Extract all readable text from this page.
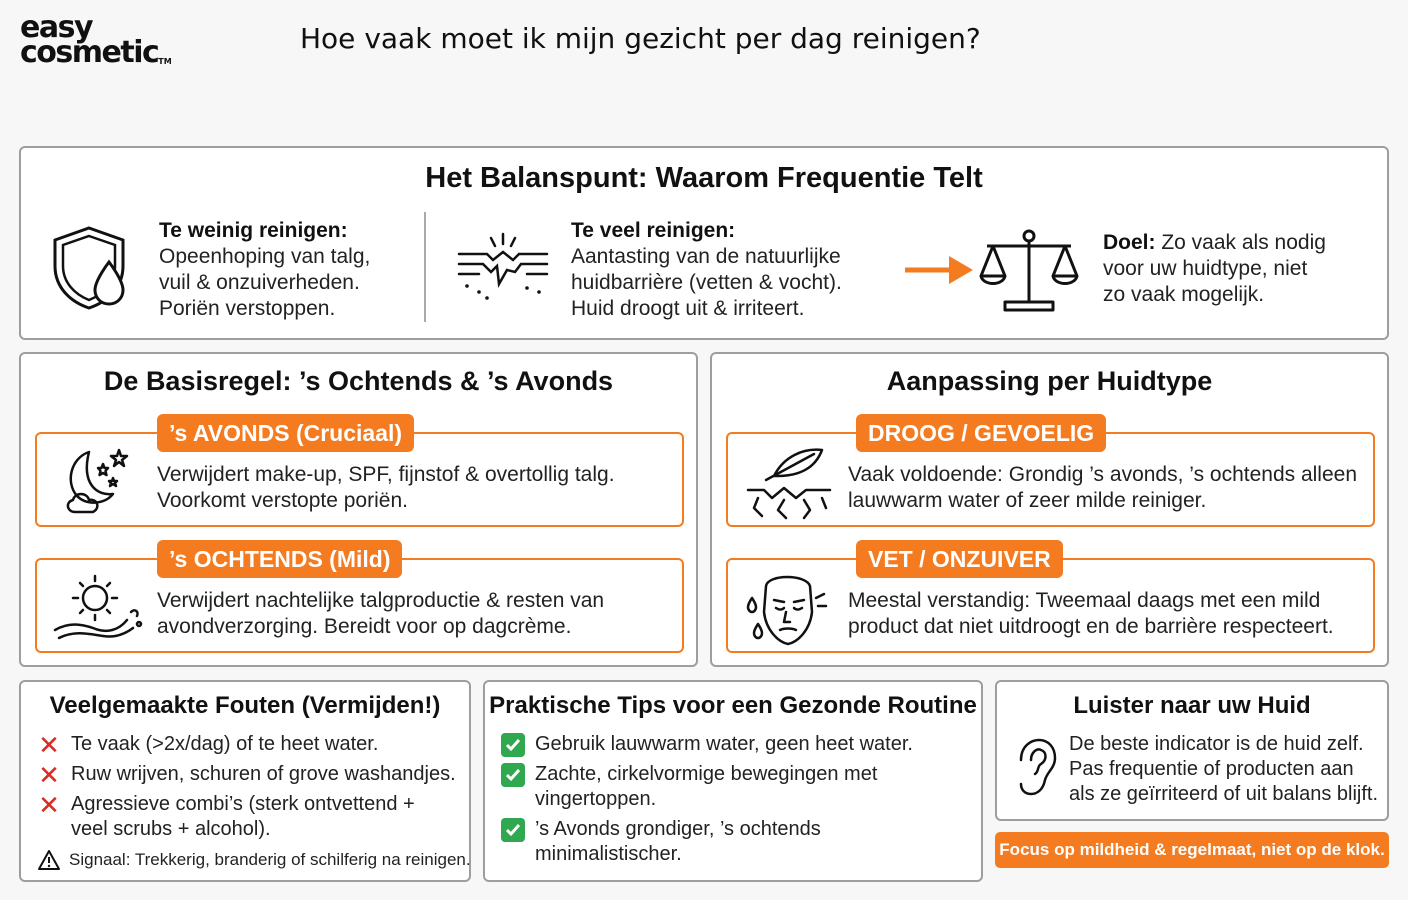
easy
cosmeticTM
Hoe vaak moet ik mijn gezicht per dag reinigen?
Het Balanspunt: Waarom Frequentie Telt
Te weinig reinigen:
Opeenhoping van talg,
vuil & onzuiverheden.
Poriën verstoppen.
Te veel reinigen:
Aantasting van de natuurlijke
huidbarrière (vetten & vocht).
Huid droogt uit & irriteert.
Doel: Zo vaak als nodig
voor uw huidtype, niet
zo vaak mogelijk.
De Basisregel: ’s Ochtends & ’s Avonds
’s AVONDS (Cruciaal)
Verwijdert make-up, SPF, fijnstof & overtollig talg.
Voorkomt verstopte poriën.
’s OCHTENDS (Mild)
Verwijdert nachtelijke talgproductie & resten van
avondverzorging. Bereidt voor op dagcrème.
Aanpassing per Huidtype
DROOG / GEVOELIG
Vaak voldoende: Grondig ’s avonds, ’s ochtends alleen
lauwwarm water of zeer milde reiniger.
VET / ONZUIVER
Meestal verstandig: Tweemaal daags met een mild
product dat niet uitdroogt en de barrière respecteert.
Veelgemaakte Fouten (Vermijden!)
✕ Te vaak (>2x/dag) of te heet water.
✕ Ruw wrijven, schuren of grove washandjes.
✕ Agressieve combi’s (sterk ontvettend +
veel scrubs + alcohol).
Signaal: Trekkerig, branderig of schilferig na reinigen.
Praktische Tips voor een Gezonde Routine
Gebruik lauwwarm water, geen heet water.
Zachte, cirkelvormige bewegingen met
vingertoppen.
’s Avonds grondiger, ’s ochtends
minimalistischer.
Luister naar uw Huid
De beste indicator is de huid zelf.
Pas frequentie of producten aan
als ze geïrriteerd of uit balans blijft.
Focus op mildheid & regelmaat, niet op de klok.
